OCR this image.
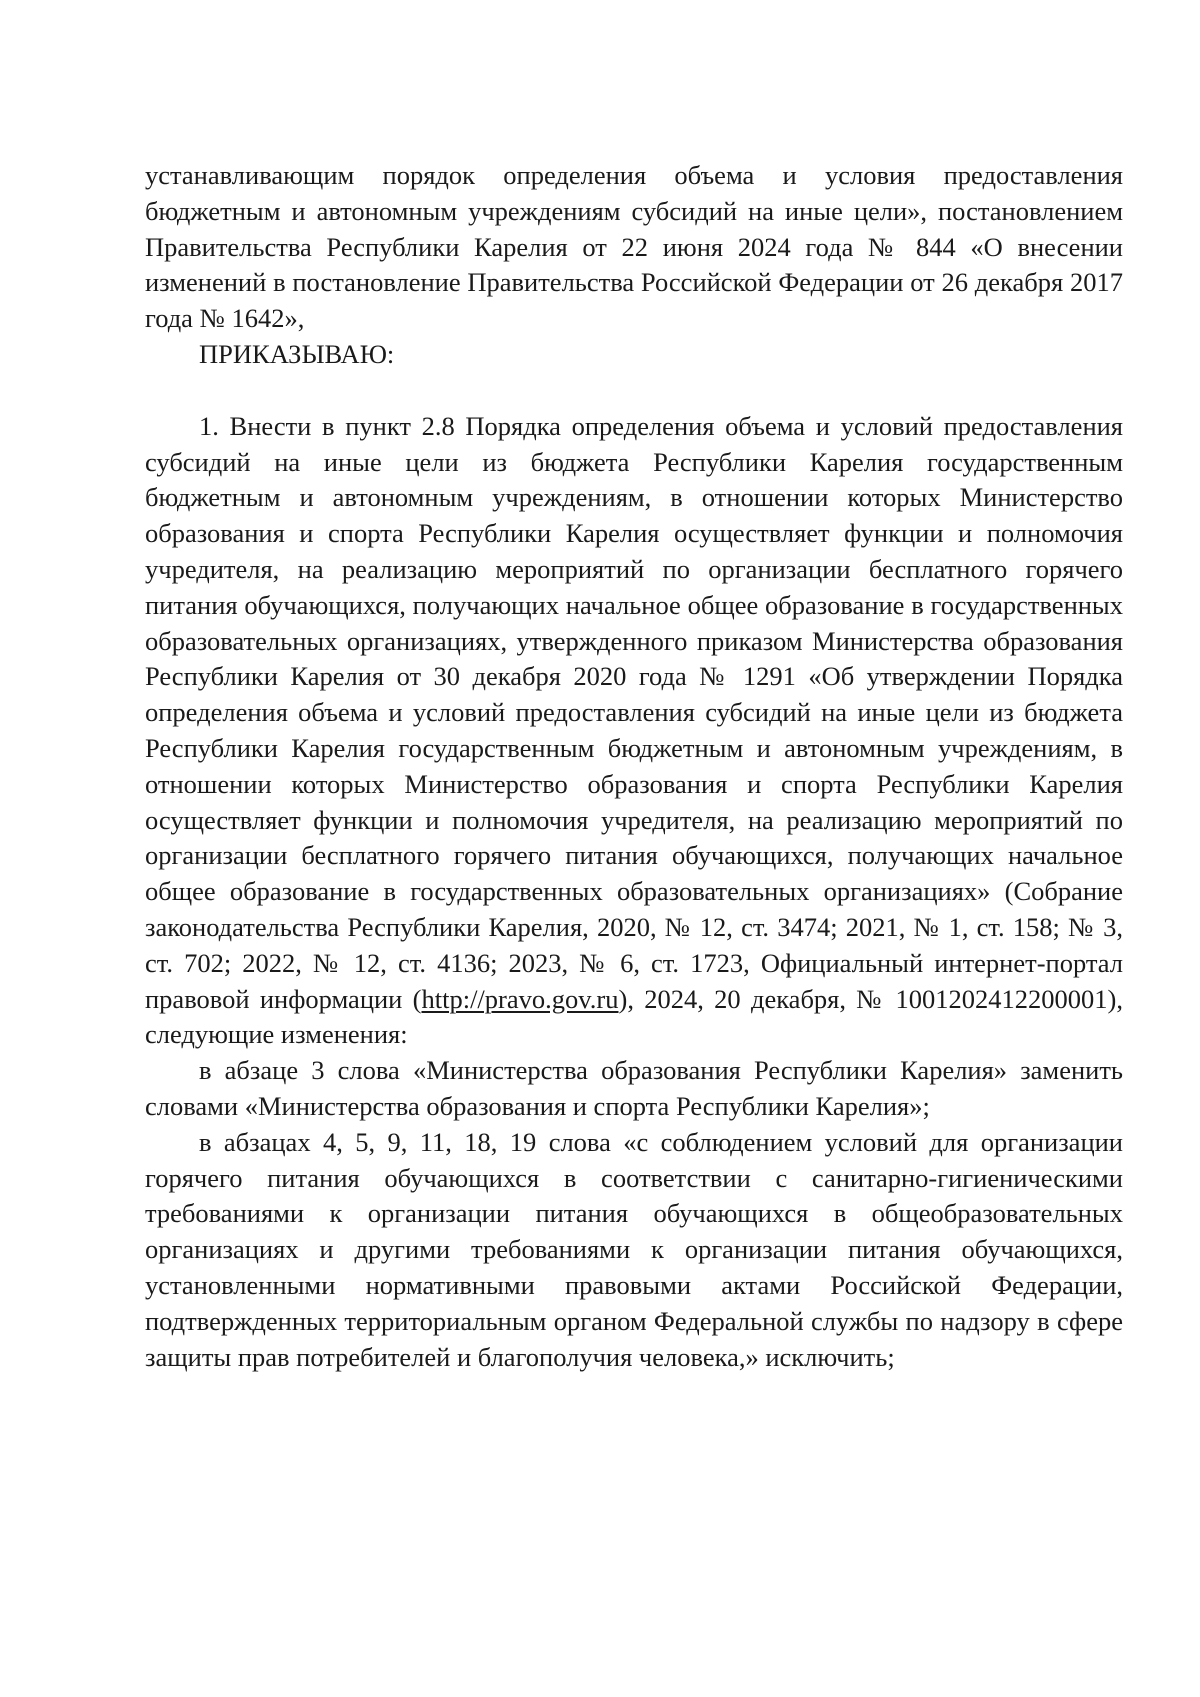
устанавливающим порядок определения объема и условия предоставления бюджетным и автономным учреждениям субсидий на иные цели», постановлением Правительства Республики Карелия от 22 июня 2024 года № 844 «О внесении изменений в постановление Правительства Российской Федерации от 26 декабря 2017 года № 1642»,

ПРИКАЗЫВАЮ:

1. Внести в пункт 2.8 Порядка определения объема и условий предоставления субсидий на иные цели из бюджета Республики Карелия государственным бюджетным и автономным учреждениям, в отношении которых Министерство образования и спорта Республики Карелия осуществляет функции и полномочия учредителя, на реализацию мероприятий по организации бесплатного горячего питания обучающихся, получающих начальное общее образование в государственных образовательных организациях, утвержденного приказом Министерства образования Республики Карелия от 30 декабря 2020 года № 1291 «Об утверждении Порядка определения объема и условий предоставления субсидий на иные цели из бюджета Республики Карелия государственным бюджетным и автономным учреждениям, в отношении которых Министерство образования и спорта Республики Карелия осуществляет функции и полномочия учредителя, на реализацию мероприятий по организации бесплатного горячего питания обучающихся, получающих начальное общее образование в государственных образовательных организациях» (Собрание законодательства Республики Карелия, 2020, № 12, ст. 3474; 2021, № 1, ст. 158; № 3, ст. 702; 2022, № 12, ст. 4136; 2023, № 6, ст. 1723, Официальный интернет-портал правовой информации (http://pravo.gov.ru), 2024, 20 декабря, № 1001202412200001), следующие изменения:

в абзаце 3 слова «Министерства образования Республики Карелия» заменить словами «Министерства образования и спорта Республики Карелия»;

в абзацах 4, 5, 9, 11, 18, 19 слова «с соблюдением условий для организации горячего питания обучающихся в соответствии с санитарно-гигиеническими требованиями к организации питания обучающихся в общеобразовательных организациях и другими требованиями к организации питания обучающихся, установленными нормативными правовыми актами Российской Федерации, подтвержденных территориальным органом Федеральной службы по надзору в сфере защиты прав потребителей и благополучия человека,» исключить;
